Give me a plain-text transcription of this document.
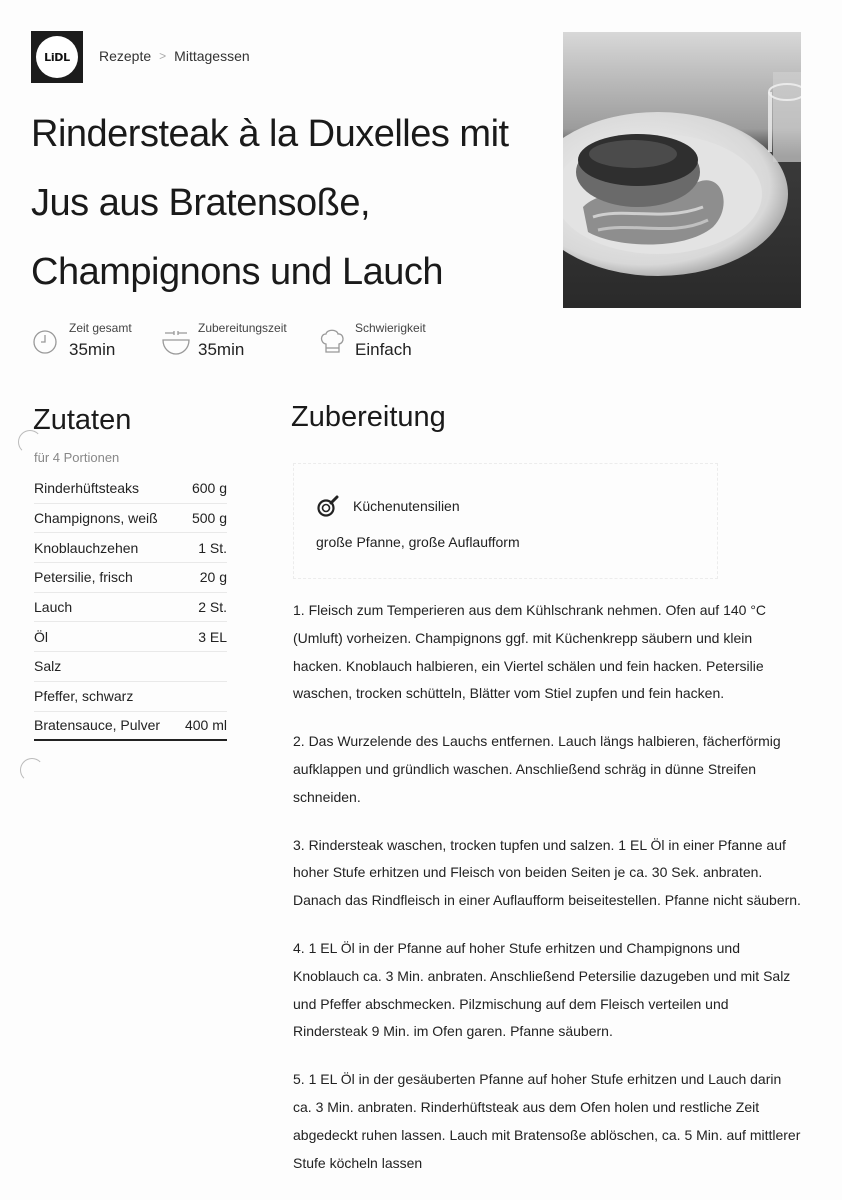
LiDL	Rezepte > Mittagessen
Rindersteak à la Duxelles mit
Jus aus Bratensoße,
Champignons und Lauch
Zeit gesamt
35min
Zubereitungszeit
35min
Schwierigkeit
Einfach
Zutaten
für 4 Portionen
Rinderhüftsteaks	600 g
Champignons, weiß 500 g
Knoblauchzehen	1 St.
Petersilie, frisch	20 g
Lauch	2 St.
Öl	3 EL
Salz
Pfeffer, schwarz
Bratensauce, Pulver 400 ml
Zubereitung
Küchenutensilien
große Pfanne, große Auflaufform

1. Fleisch zum Temperieren aus dem Kühlschrank nehmen. Ofen auf 140 °C (Umluft) vorheizen. Champignons ggf. mit Küchenkrepp säubern und klein hacken. Knoblauch halbieren, ein Viertel schälen und fein hacken. Petersilie waschen, trocken schütteln, Blätter vom Stiel zupfen und fein hacken.

2. Das Wurzelende des Lauchs entfernen. Lauch längs halbieren, fächerförmig aufklappen und gründlich waschen. Anschließend schräg in dünne Streifen schneiden.

3. Rindersteak waschen, trocken tupfen und salzen. 1 EL Öl in einer Pfanne auf hoher Stufe erhitzen und Fleisch von beiden Seiten je ca. 30 Sek. anbraten. Danach das Rindfleisch in einer Auflaufform beiseitestellen. Pfanne nicht säubern.

4. 1 EL Öl in der Pfanne auf hoher Stufe erhitzen und Champignons und Knoblauch ca. 3 Min. anbraten. Anschließend Petersilie dazugeben und mit Salz und Pfeffer abschmecken. Pilzmischung auf dem Fleisch verteilen und Rindersteak 9 Min. im Ofen garen. Pfanne säubern.

5. 1 EL Öl in der gesäuberten Pfanne auf hoher Stufe erhitzen und Lauch darin ca. 3 Min. anbraten. Rinderhüftsteak aus dem Ofen holen und restliche Zeit abgedeckt ruhen lassen. Lauch mit Bratensoße ablöschen, ca. 5 Min. auf mittlerer Stufe köcheln lassen
